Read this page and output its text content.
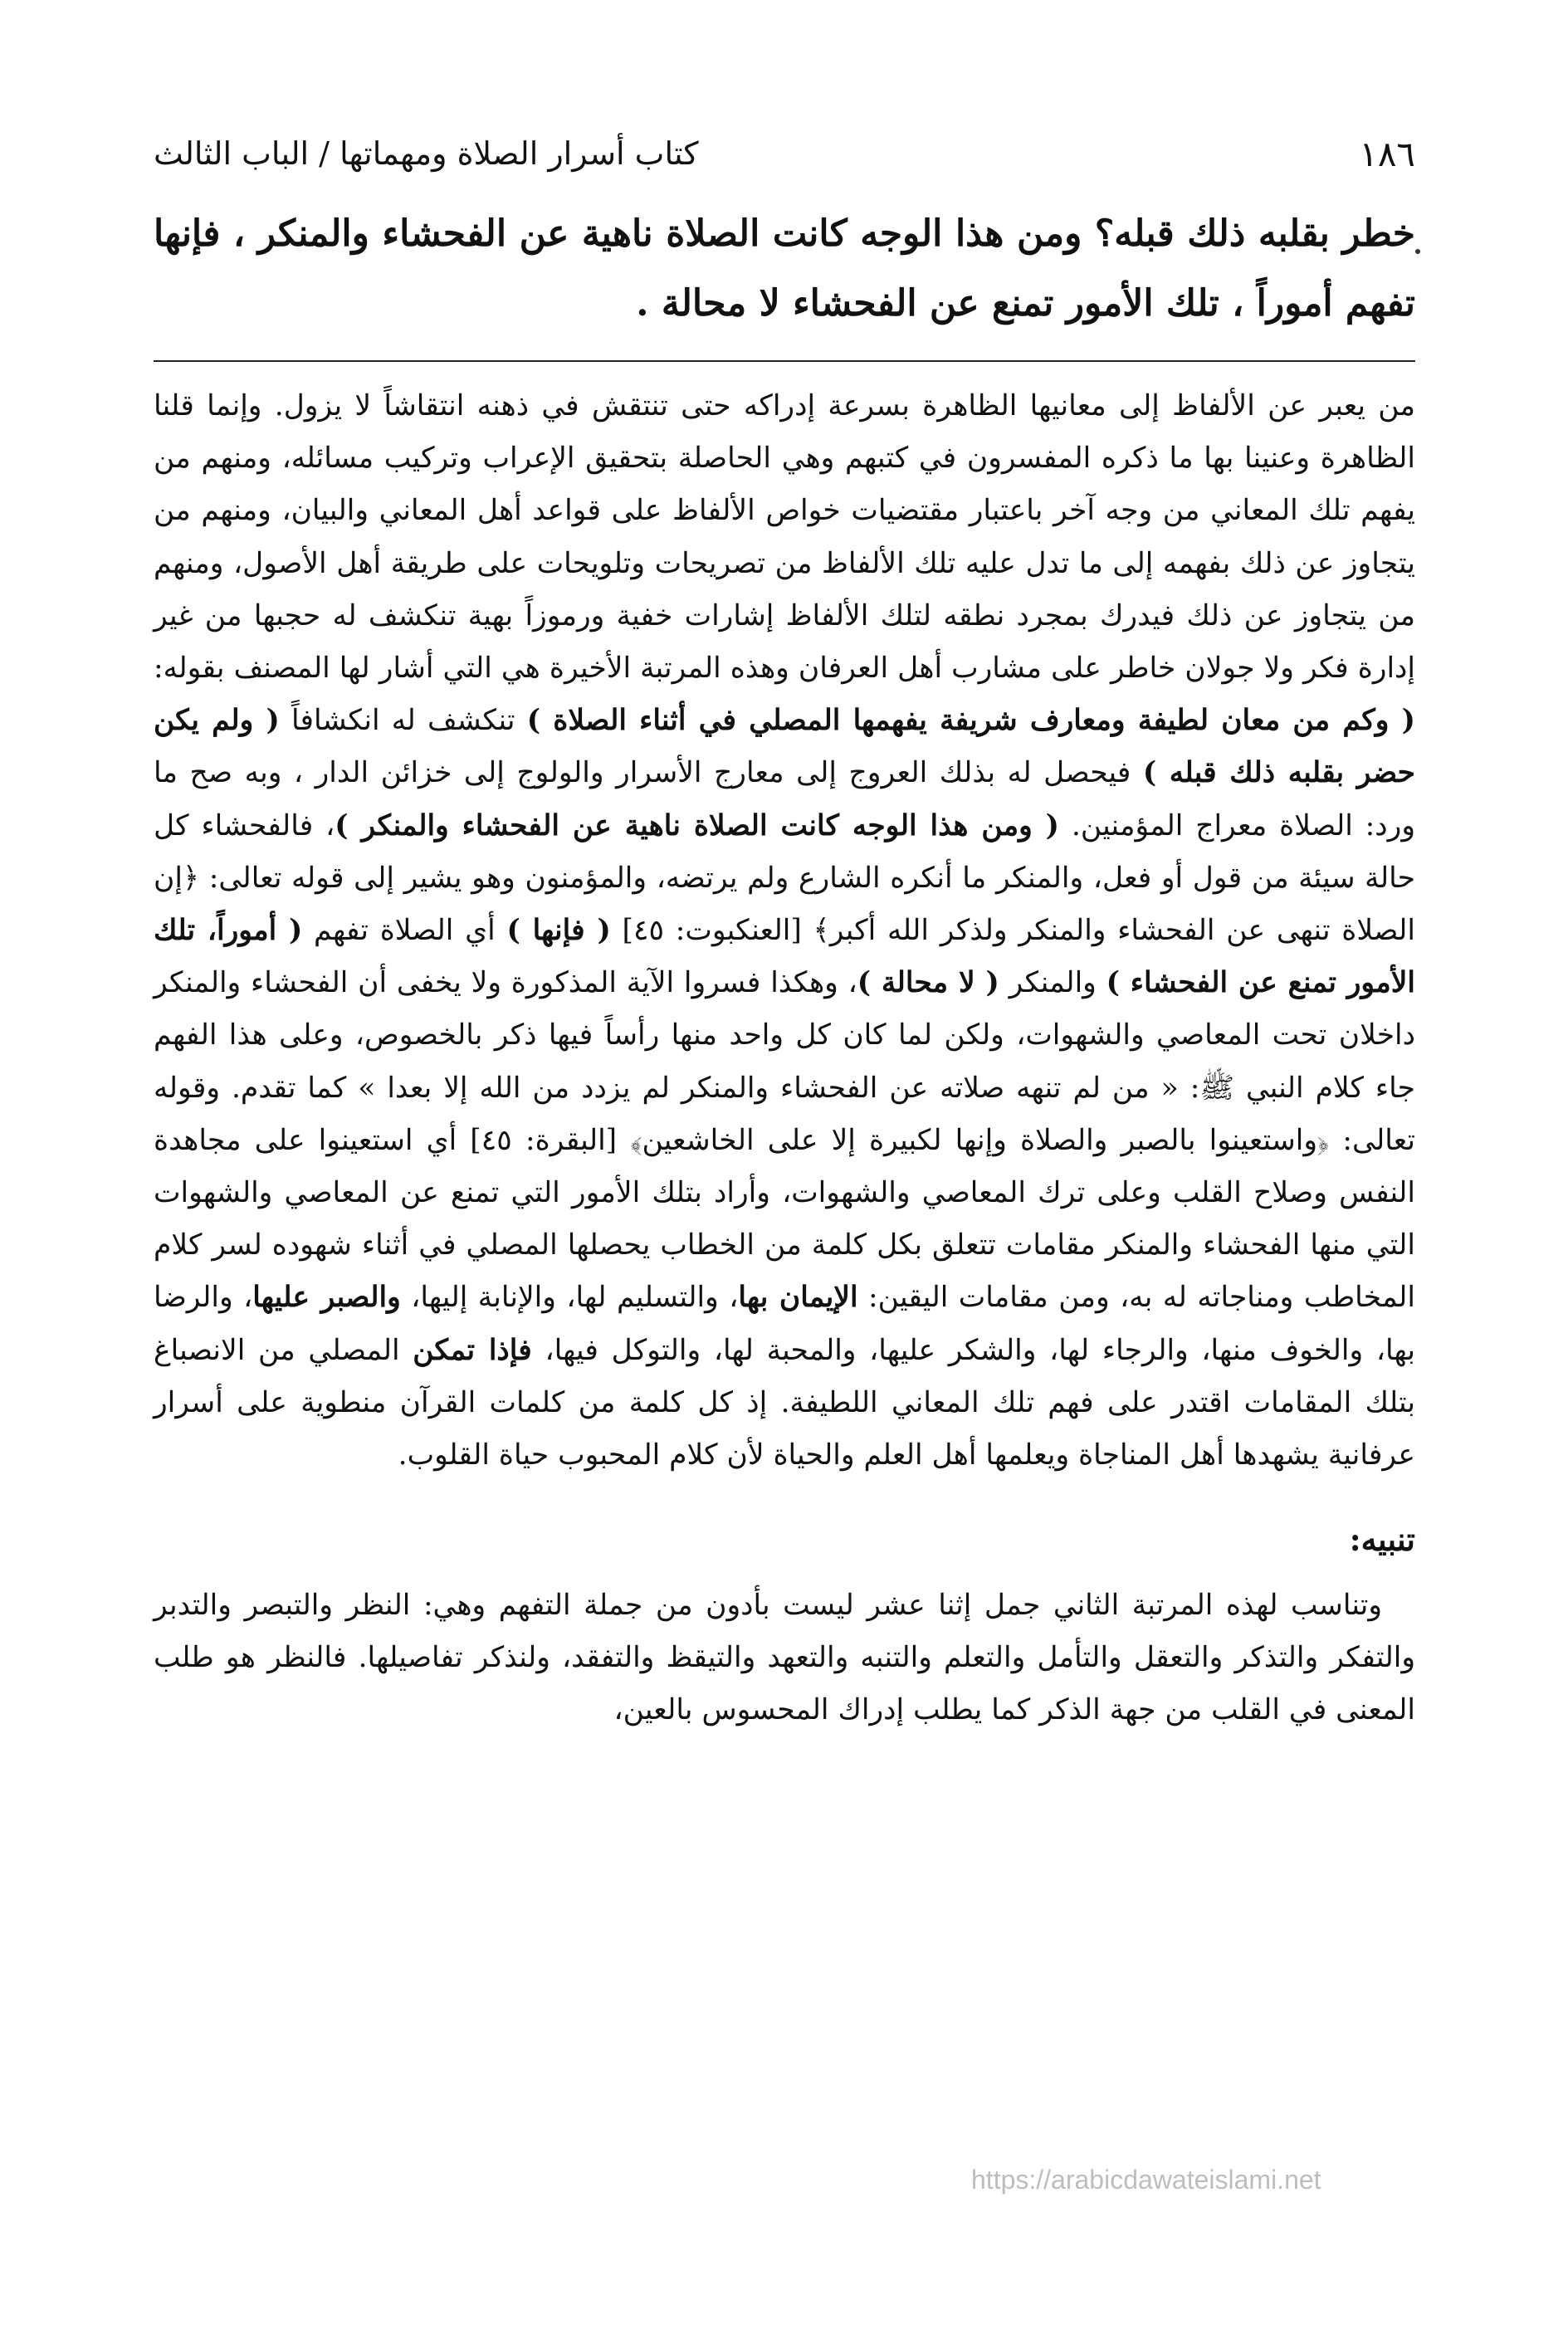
١٨٦
كتاب أسرار الصلاة ومهماتها / الباب الثالث

خطر بقلبه ذلك قبله؟ ومن هذا الوجه كانت الصلاة ناهية عن الفحشاء والمنكر ، فإنها تفهم أموراً ، تلك الأمور تمنع عن الفحشاء لا محالة .

من يعبر عن الألفاظ إلى معانيها الظاهرة بسرعة إدراكه حتى تنتقش في ذهنه انتقاشاً لا يزول. وإنما قلنا الظاهرة وعنينا بها ما ذكره المفسرون في كتبهم وهي الحاصلة بتحقيق الإعراب وتركيب مسائله، ومنهم من يفهم تلك المعاني من وجه آخر باعتبار مقتضيات خواص الألفاظ على قواعد أهل المعاني والبيان، ومنهم من يتجاوز عن ذلك بفهمه إلى ما تدل عليه تلك الألفاظ من تصريحات وتلويحات على طريقة أهل الأصول، ومنهم من يتجاوز عن ذلك فيدرك بمجرد نطقه لتلك الألفاظ إشارات خفية ورموزاً بهية تنكشف له حجبها من غير إدارة فكر ولا جولان خاطر على مشارب أهل العرفان وهذه المرتبة الأخيرة هي التي أشار لها المصنف بقوله: ( وكم من معان لطيفة ومعارف شريفة يفهمها المصلي في أثناء الصلاة ) تنكشف له انكشافاً ( ولم يكن حضر بقلبه ذلك قبله ) فيحصل له بذلك العروج إلى معارج الأسرار والولوج إلى خزائن الدار ، وبه صح ما ورد: الصلاة معراج المؤمنين. ( ومن هذا الوجه كانت الصلاة ناهية عن الفحشاء والمنكر )، فالفحشاء كل حالة سيئة من قول أو فعل، والمنكر ما أنكره الشارع ولم يرتضه، والمؤمنون وهو يشير إلى قوله تعالى: ﴿إن الصلاة تنهى عن الفحشاء والمنكر ولذكر الله أكبر﴾ [العنكبوت: ٤٥] ( فإنها ) أي الصلاة تفهم ( أموراً، تلك الأمور تمنع عن الفحشاء ) والمنكر ( لا محالة )، وهكذا فسروا الآية المذكورة ولا يخفى أن الفحشاء والمنكر داخلان تحت المعاصي والشهوات، ولكن لما كان كل واحد منها رأساً فيها ذكر بالخصوص، وعلى هذا الفهم جاء كلام النبي ﷺ: « من لم تنهه صلاته عن الفحشاء والمنكر لم يزدد من الله إلا بعدا » كما تقدم. وقوله تعالى: ﴿واستعينوا بالصبر والصلاة وإنها لكبيرة إلا على الخاشعين﴾ [البقرة: ٤٥] أي استعينوا على مجاهدة النفس وصلاح القلب وعلى ترك المعاصي والشهوات، وأراد بتلك الأمور التي تمنع عن المعاصي والشهوات التي منها الفحشاء والمنكر مقامات تتعلق بكل كلمة من الخطاب يحصلها المصلي في أثناء شهوده لسر كلام المخاطب ومناجاته له به، ومن مقامات اليقين: الإيمان بها، والتسليم لها، والإنابة إليها، والصبر عليها، والرضا بها، والخوف منها، والرجاء لها، والشكر عليها، والمحبة لها، والتوكل فيها، فإذا تمكن المصلي من الانصباغ بتلك المقامات اقتدر على فهم تلك المعاني اللطيفة. إذ كل كلمة من كلمات القرآن منطوية على أسرار عرفانية يشهدها أهل المناجاة ويعلمها أهل العلم والحياة لأن كلام المحبوب حياة القلوب.

تنبيه:

وتناسب لهذه المرتبة الثاني جمل إثنا عشر ليست بأدون من جملة التفهم وهي: النظر والتبصر والتدبر والتفكر والتذكر والتعقل والتأمل والتعلم والتنبه والتعهد والتيقظ والتفقد، ولنذكر تفاصيلها. فالنظر هو طلب المعنى في القلب من جهة الذكر كما يطلب إدراك المحسوس بالعين،

https://arabicdawateislami.net
